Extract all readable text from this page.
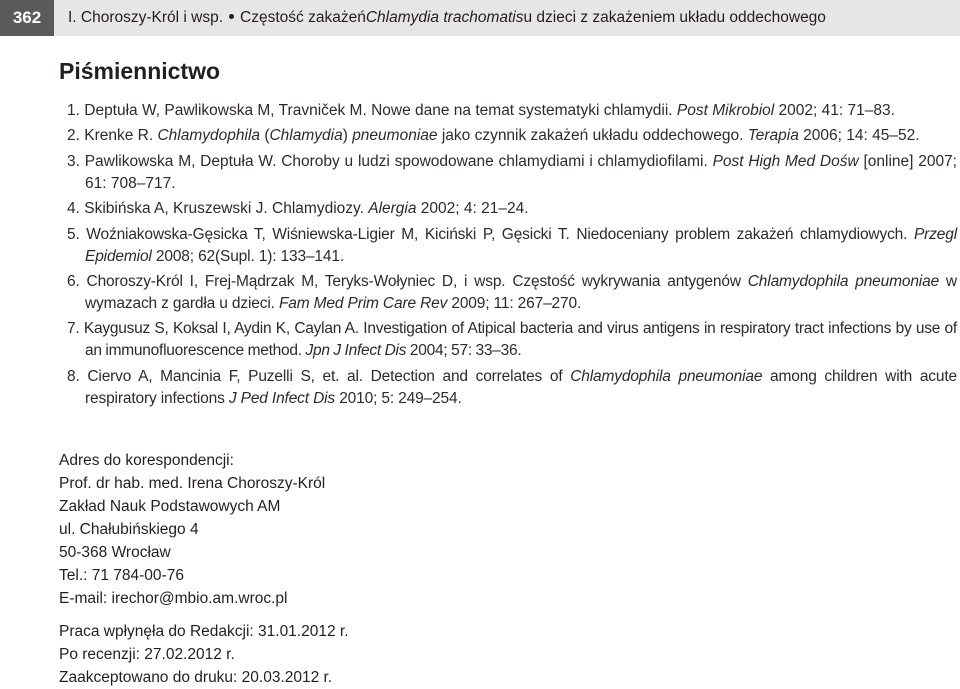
362	I. Choroszy-Król i wsp. Częstość zakażeń Chlamydia trachomatis u dzieci z zakażeniem układu oddechowego
Piśmiennictwo
1. Deptuła W, Pawlikowska M, Travniček M. Nowe dane na temat systematyki chlamydii. Post Mikrobiol 2002; 41: 71–83.
2. Krenke R. Chlamydophila (Chlamydia) pneumoniae jako czynnik zakażeń układu oddechowego. Terapia 2006; 14: 45–52.
3. Pawlikowska M, Deptuła W. Choroby u ludzi spowodowane chlamydiami i chlamydiofilami. Post High Med Dośw [online] 2007; 61: 708–717.
4. Skibińska A, Kruszewski J. Chlamydiozy. Alergia 2002; 4: 21–24.
5. Woźniakowska-Gęsicka T, Wiśniewska-Ligier M, Kiciński P, Gęsicki T. Niedoceniany problem zakażeń chlamydiowych. Przegl Epidemiol 2008; 62(Supl. 1): 133–141.
6. Choroszy-Król I, Frej-Mądrzak M, Teryks-Wołyniec D, i wsp. Częstość wykrywania antygenów Chlamydophila pneumoniae w wymazach z gardła u dzieci. Fam Med Prim Care Rev 2009; 11: 267–270.
7. Kaygusuz S, Koksal I, Aydin K, Caylan A. Investigation of Atipical bacteria and virus antigens in respiratory tract infections by use of an immunofluorescence method. Jpn J Infect Dis 2004; 57: 33–36.
8. Ciervo A, Mancinia F, Puzelli S, et. al. Detection and correlates of Chlamydophila pneumoniae among children with acute respiratory infections J Ped Infect Dis 2010; 5: 249–254.
Adres do korespondencji:
Prof. dr hab. med. Irena Choroszy-Król
Zakład Nauk Podstawowych AM
ul. Chałubińskiego 4
50-368 Wrocław
Tel.: 71 784-00-76
E-mail: irechor@mbio.am.wroc.pl
Praca wpłynęła do Redakcji: 31.01.2012 r.
Po recenzji: 27.02.2012 r.
Zaakceptowano do druku: 20.03.2012 r.
